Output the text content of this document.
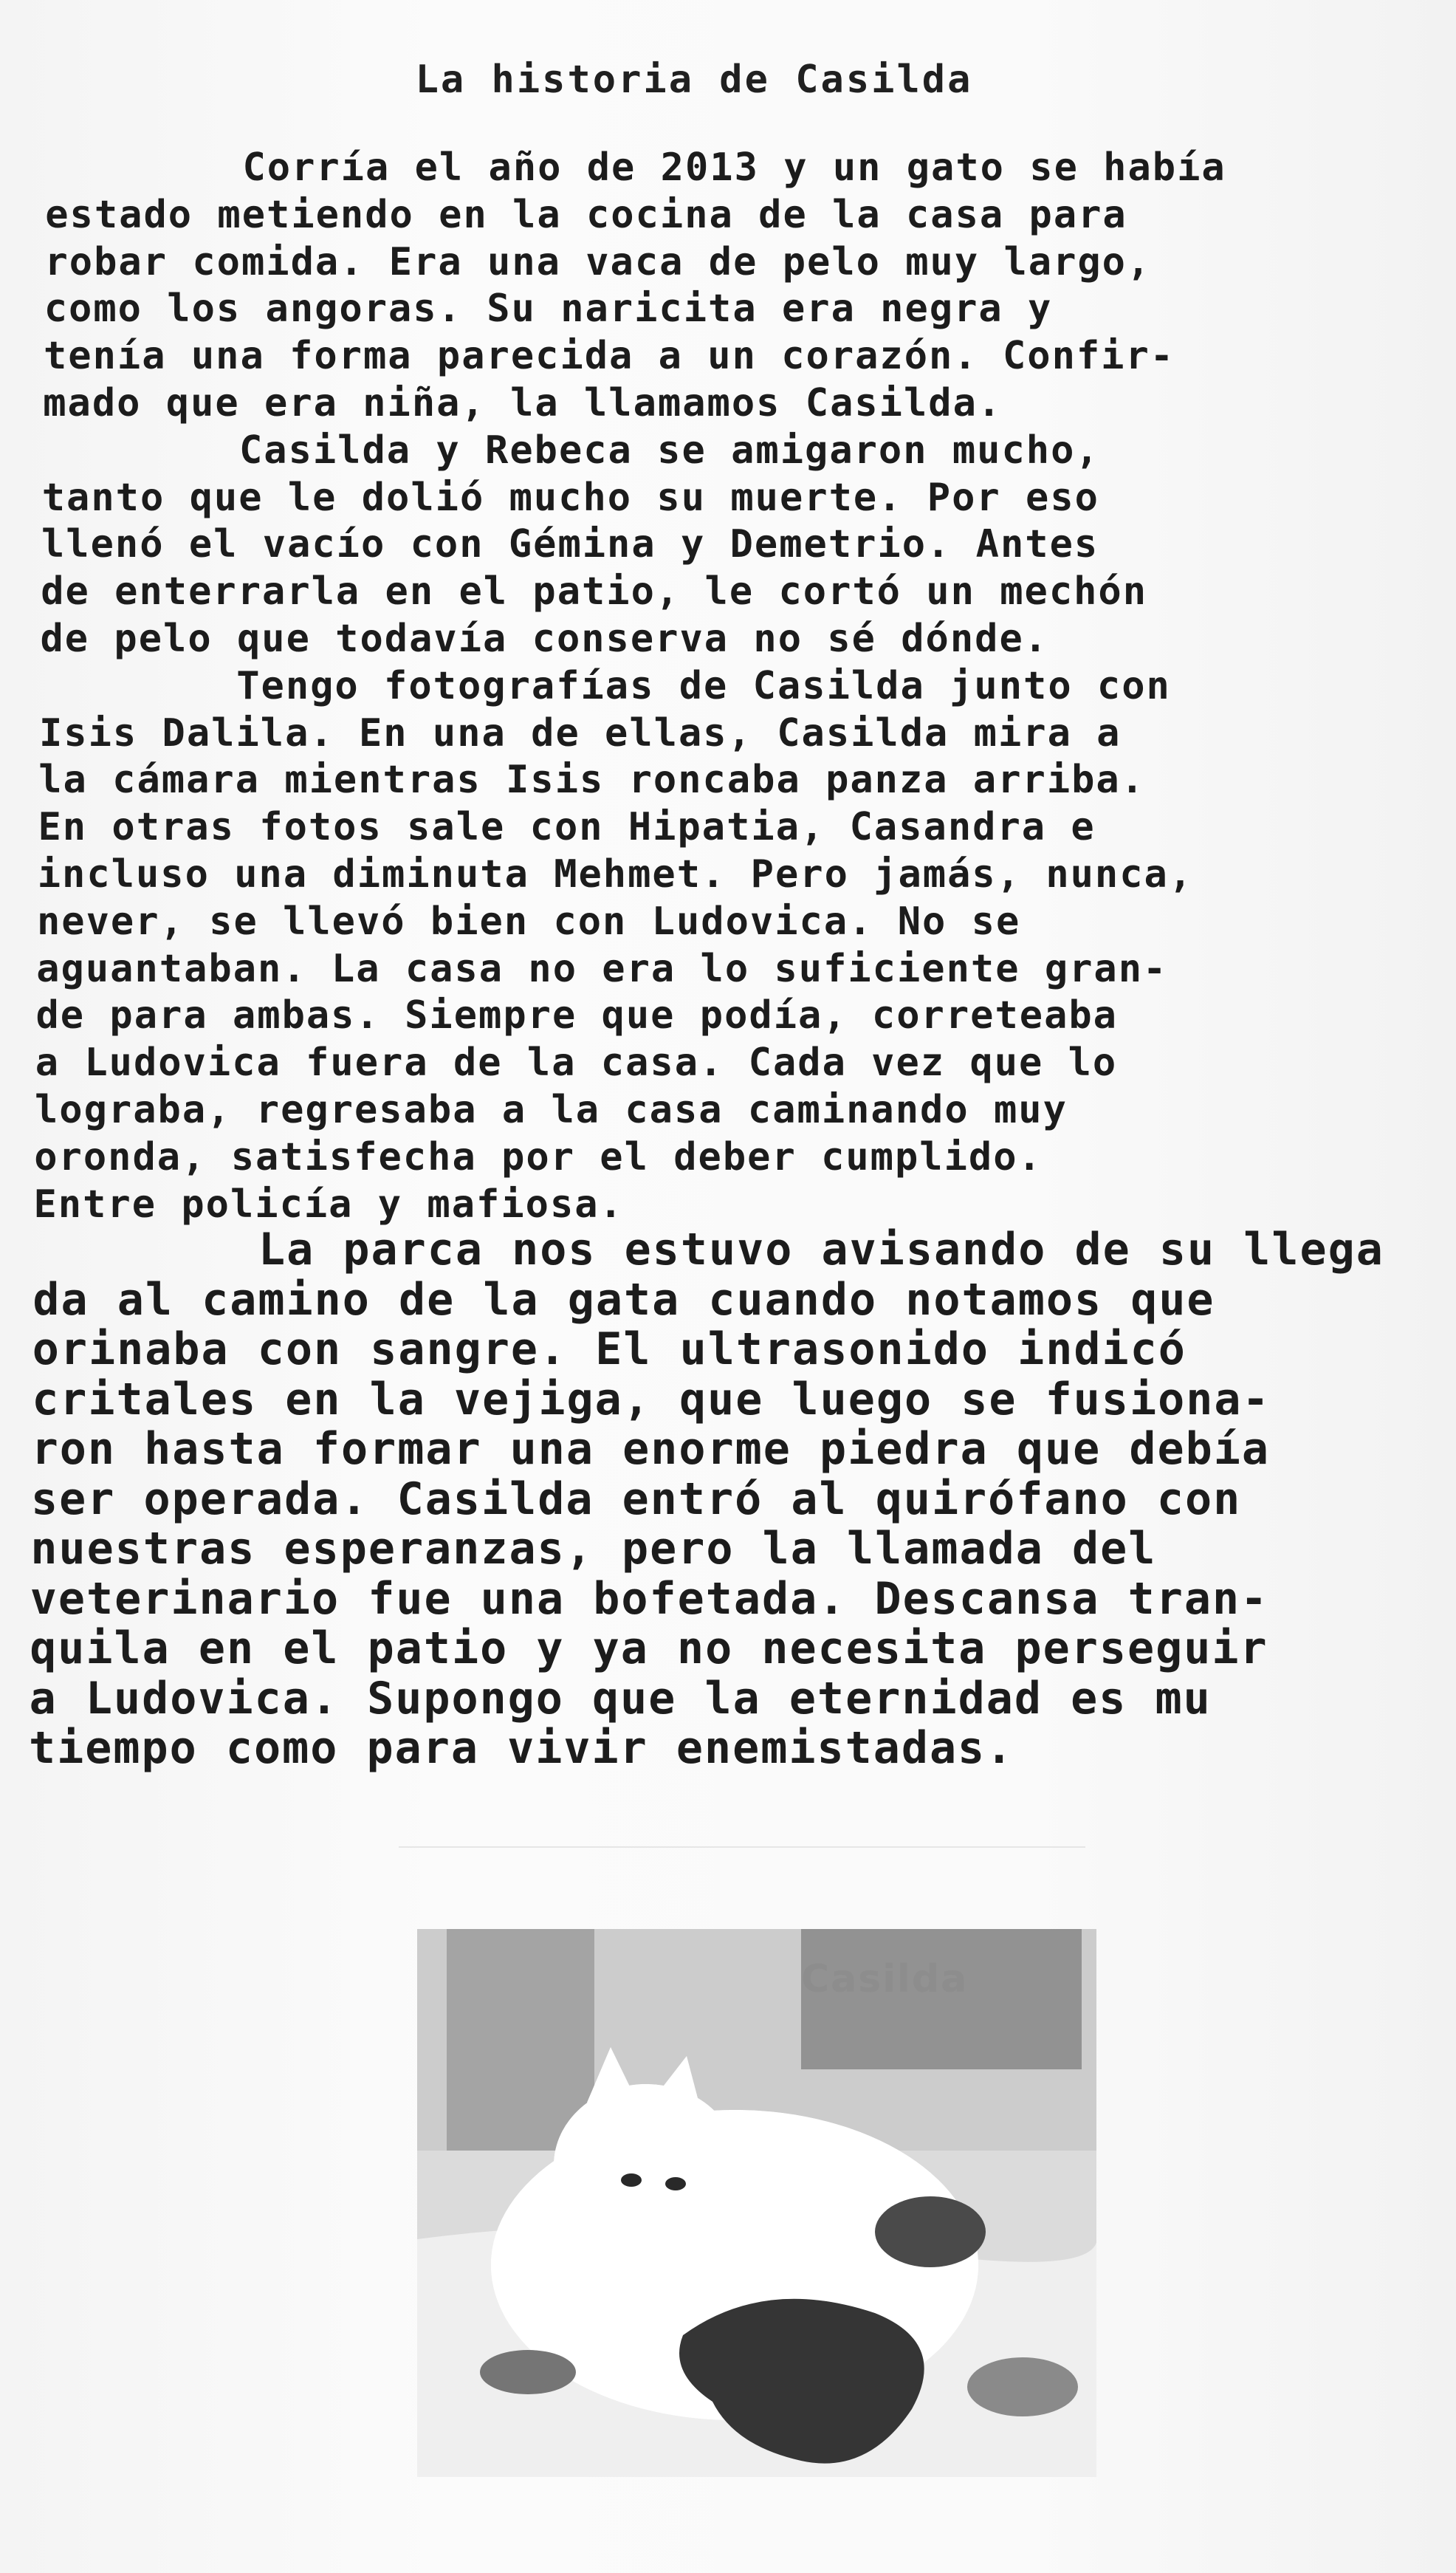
La historia de Casilda
Corría el año de 2013 y un gato se había
estado metiendo en la cocina de la casa para
robar comida. Era una vaca de pelo muy largo,
como los angoras. Su naricita era negra y
tenía una forma parecida a un corazón. Confir-
mado que era niña, la llamamos Casilda.
Casilda y Rebeca se amigaron mucho,
tanto que le dolió mucho su muerte. Por eso
llenó el vacío con Gémina y Demetrio. Antes
de enterrarla en el patio, le cortó un mechón
de pelo que todavía conserva no sé dónde.
Tengo fotografías de Casilda junto con
Isis Dalila. En una de ellas, Casilda mira a
la cámara mientras Isis roncaba panza arriba.
En otras fotos sale con Hipatia, Casandra e
incluso una diminuta Mehmet. Pero jamás, nunca,
never, se llevó bien con Ludovica. No se
aguantaban. La casa no era lo suficiente gran-
de para ambas. Siempre que podía, correteaba
a Ludovica fuera de la casa. Cada vez que lo
lograba, regresaba a la casa caminando muy
oronda, satisfecha por el deber cumplido.
Entre policía y mafiosa.
La parca nos estuvo avisando de su llega
da al camino de la gata cuando notamos que
orinaba con sangre. El ultrasonido indicó
critales en la vejiga, que luego se fusiona-
ron hasta formar una enorme piedra que debía
ser operada. Casilda entró al quirófano con
nuestras esperanzas, pero la llamada del
veterinario fue una bofetada. Descansa tran-
quila en el patio y ya no necesita perseguir
a Ludovica. Supongo que la eternidad es mu
tiempo como para vivir enemistadas.
Casilda
